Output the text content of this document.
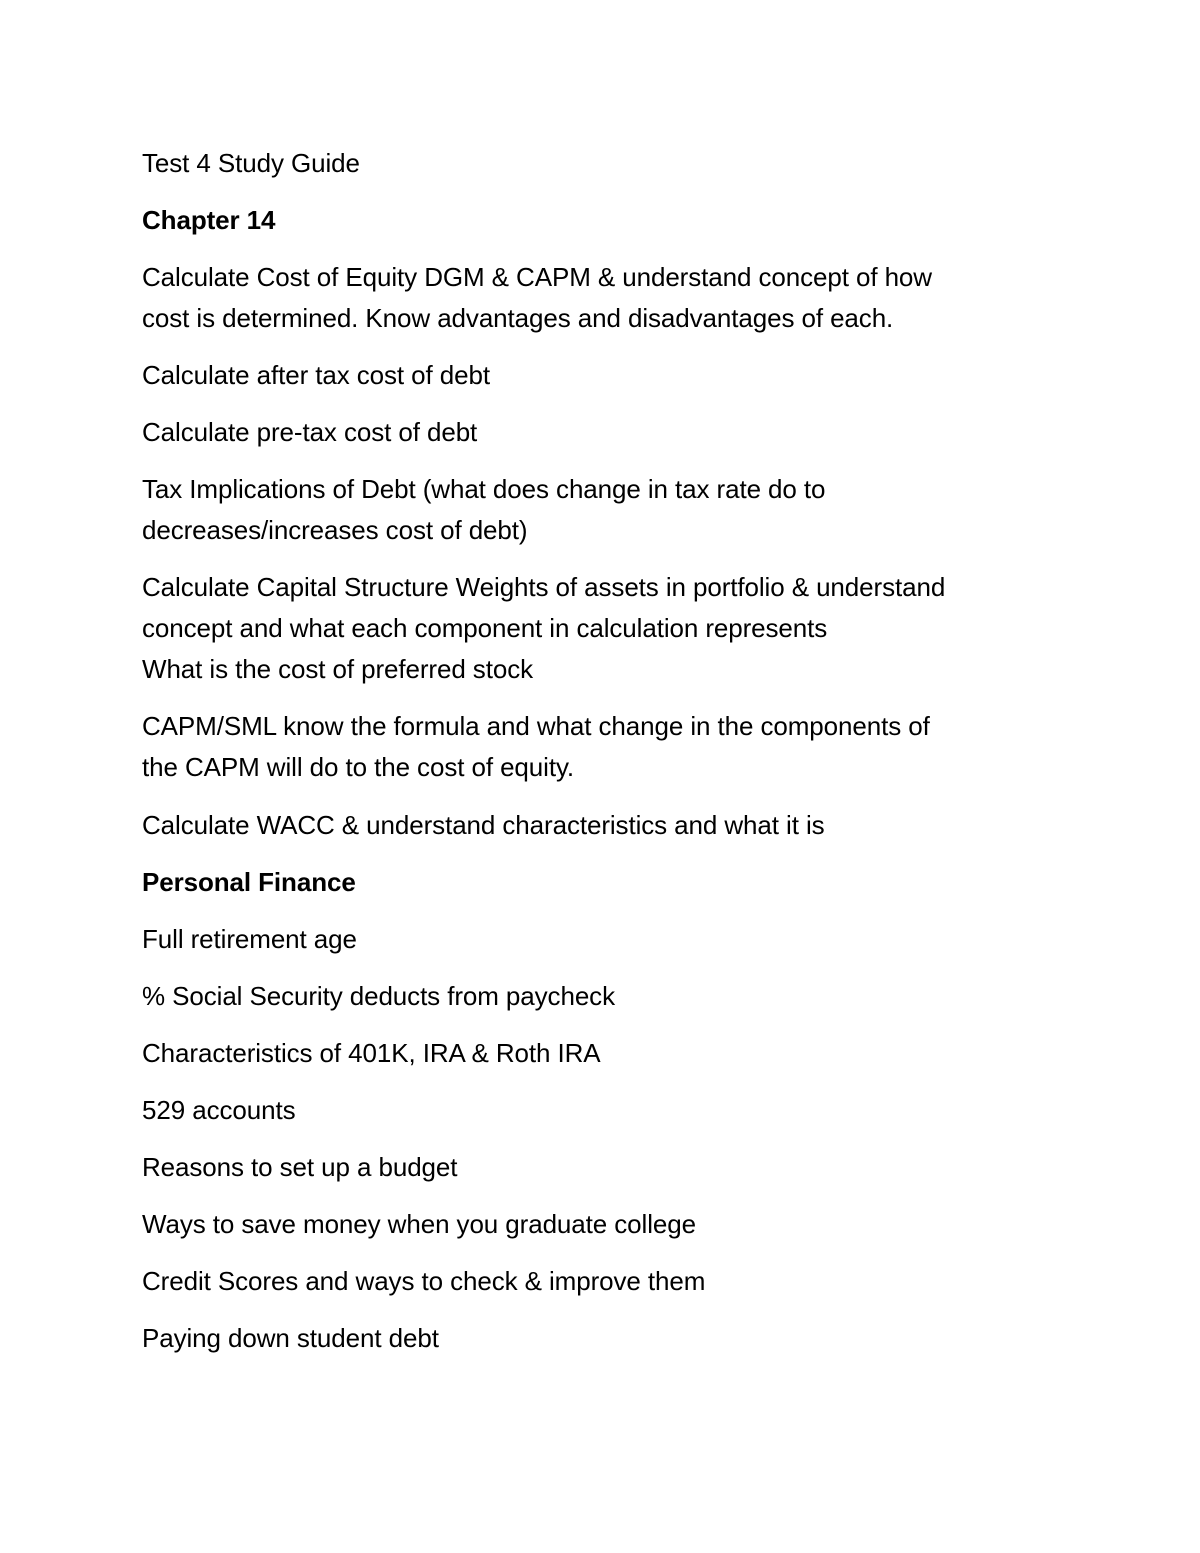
Test 4 Study Guide
Chapter 14
Calculate Cost of Equity DGM & CAPM & understand concept of how
cost is determined. Know advantages and disadvantages of each.
Calculate after tax cost of debt
Calculate pre-tax cost of debt
Tax Implications of Debt (what does change in tax rate do to
decreases/increases cost of debt)
Calculate Capital Structure Weights of assets in portfolio & understand
concept and what each component in calculation represents
What is the cost of preferred stock
CAPM/SML know the formula and what change in the components of
the CAPM will do to the cost of equity.
Calculate WACC & understand characteristics and what it is
Personal Finance
Full retirement age
% Social Security deducts from paycheck
Characteristics of 401K, IRA & Roth IRA
529 accounts
Reasons to set up a budget
Ways to save money when you graduate college
Credit Scores and ways to check & improve them
Paying down student debt
